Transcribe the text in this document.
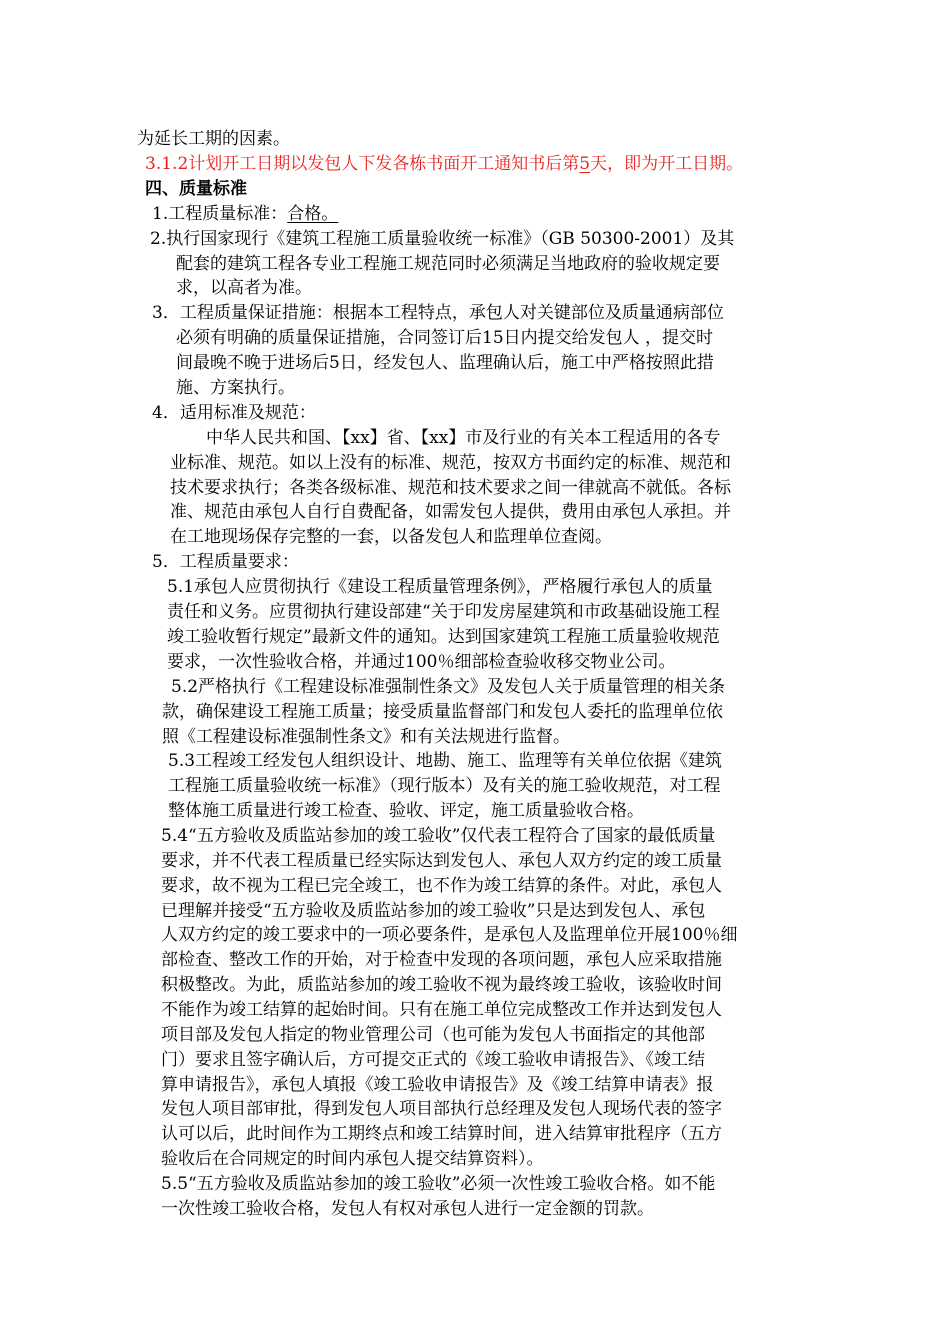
为延长工期的因素。
3.1.2计划开工日期以发包人下发各栋书面开工通知书后第5天，即为开工日期。
四、质量标准
1.工程质量标准：合格。
2.执行国家现行《建筑工程施工质量验收统一标准》（GB 50300-2001）及其
配套的建筑工程各专业工程施工规范同时必须满足当地政府的验收规定要
求，以高者为准。
3．工程质量保证措施：根据本工程特点，承包人对关键部位及质量通病部位
必须有明确的质量保证措施，合同签订后15日内提交给发包人 ，提交时
间最晚不晚于进场后5日，经发包人、监理确认后，施工中严格按照此措
施、方案执行。
4．适用标准及规范：
中华人民共和国、【xx】省、【xx】市及行业的有关本工程适用的各专
业标准、规范。如以上没有的标准、规范，按双方书面约定的标准、规范和
技术要求执行；各类各级标准、规范和技术要求之间一律就高不就低。各标
准、规范由承包人自行自费配备，如需发包人提供，费用由承包人承担。并
在工地现场保存完整的一套，以备发包人和监理单位查阅。
5．工程质量要求：
5.1承包人应贯彻执行《建设工程质量管理条例》，严格履行承包人的质量
责任和义务。应贯彻执行建设部建“关于印发房屋建筑和市政基础设施工程
竣工验收暂行规定”最新文件的通知。达到国家建筑工程施工质量验收规范
要求，一次性验收合格，并通过100％细部检查验收移交物业公司。
5.2严格执行《工程建设标准强制性条文》及发包人关于质量管理的相关条
款，确保建设工程施工质量；接受质量监督部门和发包人委托的监理单位依
照《工程建设标准强制性条文》和有关法规进行监督。
5.3工程竣工经发包人组织设计、地勘、施工、监理等有关单位依据《建筑
工程施工质量验收统一标准》（现行版本）及有关的施工验收规范，对工程
整体施工质量进行竣工检查、验收、评定，施工质量验收合格。
5.4“五方验收及质监站参加的竣工验收”仅代表工程符合了国家的最低质量
要求，并不代表工程质量已经实际达到发包人、承包人双方约定的竣工质量
要求，故不视为工程已完全竣工，也不作为竣工结算的条件。对此，承包人
已理解并接受“五方验收及质监站参加的竣工验收”只是达到发包人、承包
人双方约定的竣工要求中的一项必要条件，是承包人及监理单位开展100％细
部检查、整改工作的开始，对于检查中发现的各项问题，承包人应采取措施
积极整改。为此，质监站参加的竣工验收不视为最终竣工验收，该验收时间
不能作为竣工结算的起始时间。只有在施工单位完成整改工作并达到发包人
项目部及发包人指定的物业管理公司（也可能为发包人书面指定的其他部
门）要求且签字确认后，方可提交正式的《竣工验收申请报告》、《竣工结
算申请报告》，承包人填报《竣工验收申请报告》及《竣工结算申请表》报
发包人项目部审批，得到发包人项目部执行总经理及发包人现场代表的签字
认可以后，此时间作为工期终点和竣工结算时间，进入结算审批程序（五方
验收后在合同规定的时间内承包人提交结算资料）。
5.5“五方验收及质监站参加的竣工验收”必须一次性竣工验收合格。如不能
一次性竣工验收合格，发包人有权对承包人进行一定金额的罚款。
